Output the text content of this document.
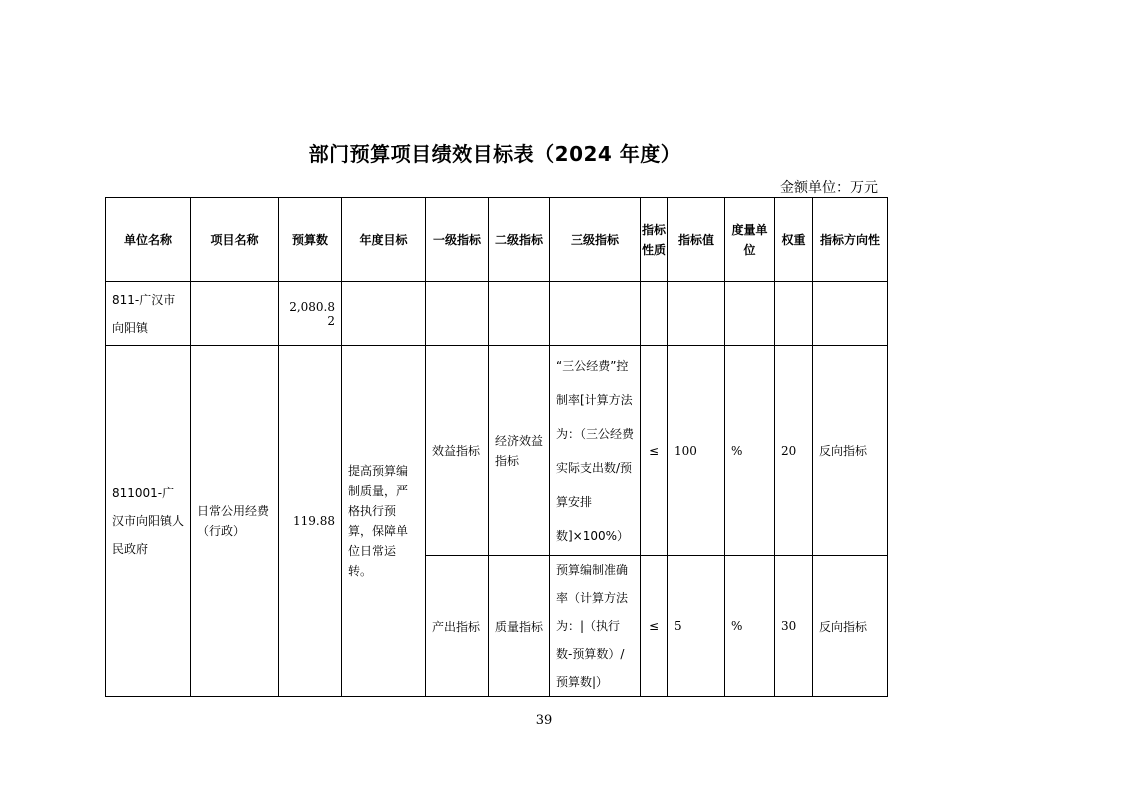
部门预算项目绩效目标表（2024 年度）
金额单位：万元
单位名称	项目名称	预算数	年度目标	一级指标	二级指标	三级指标	指标性质	指标值	度量单位	权重	指标方向性
811-广汉市向阳镇		2,080.82									
811001-广汉市向阳镇人民政府	日常公用经费（行政）	119.88	提高预算编制质量，严格执行预算，保障单位日常运转。	效益指标	经济效益指标	“三公经费”控制率[计算方法为：（三公经费实际支出数/预算安排数]×100%）	≤	100	%	20	反向指标
				产出指标	质量指标	预算编制准确率（计算方法为：|（执行数-预算数）/预算数|）	≤	5	%	30	反向指标
39
